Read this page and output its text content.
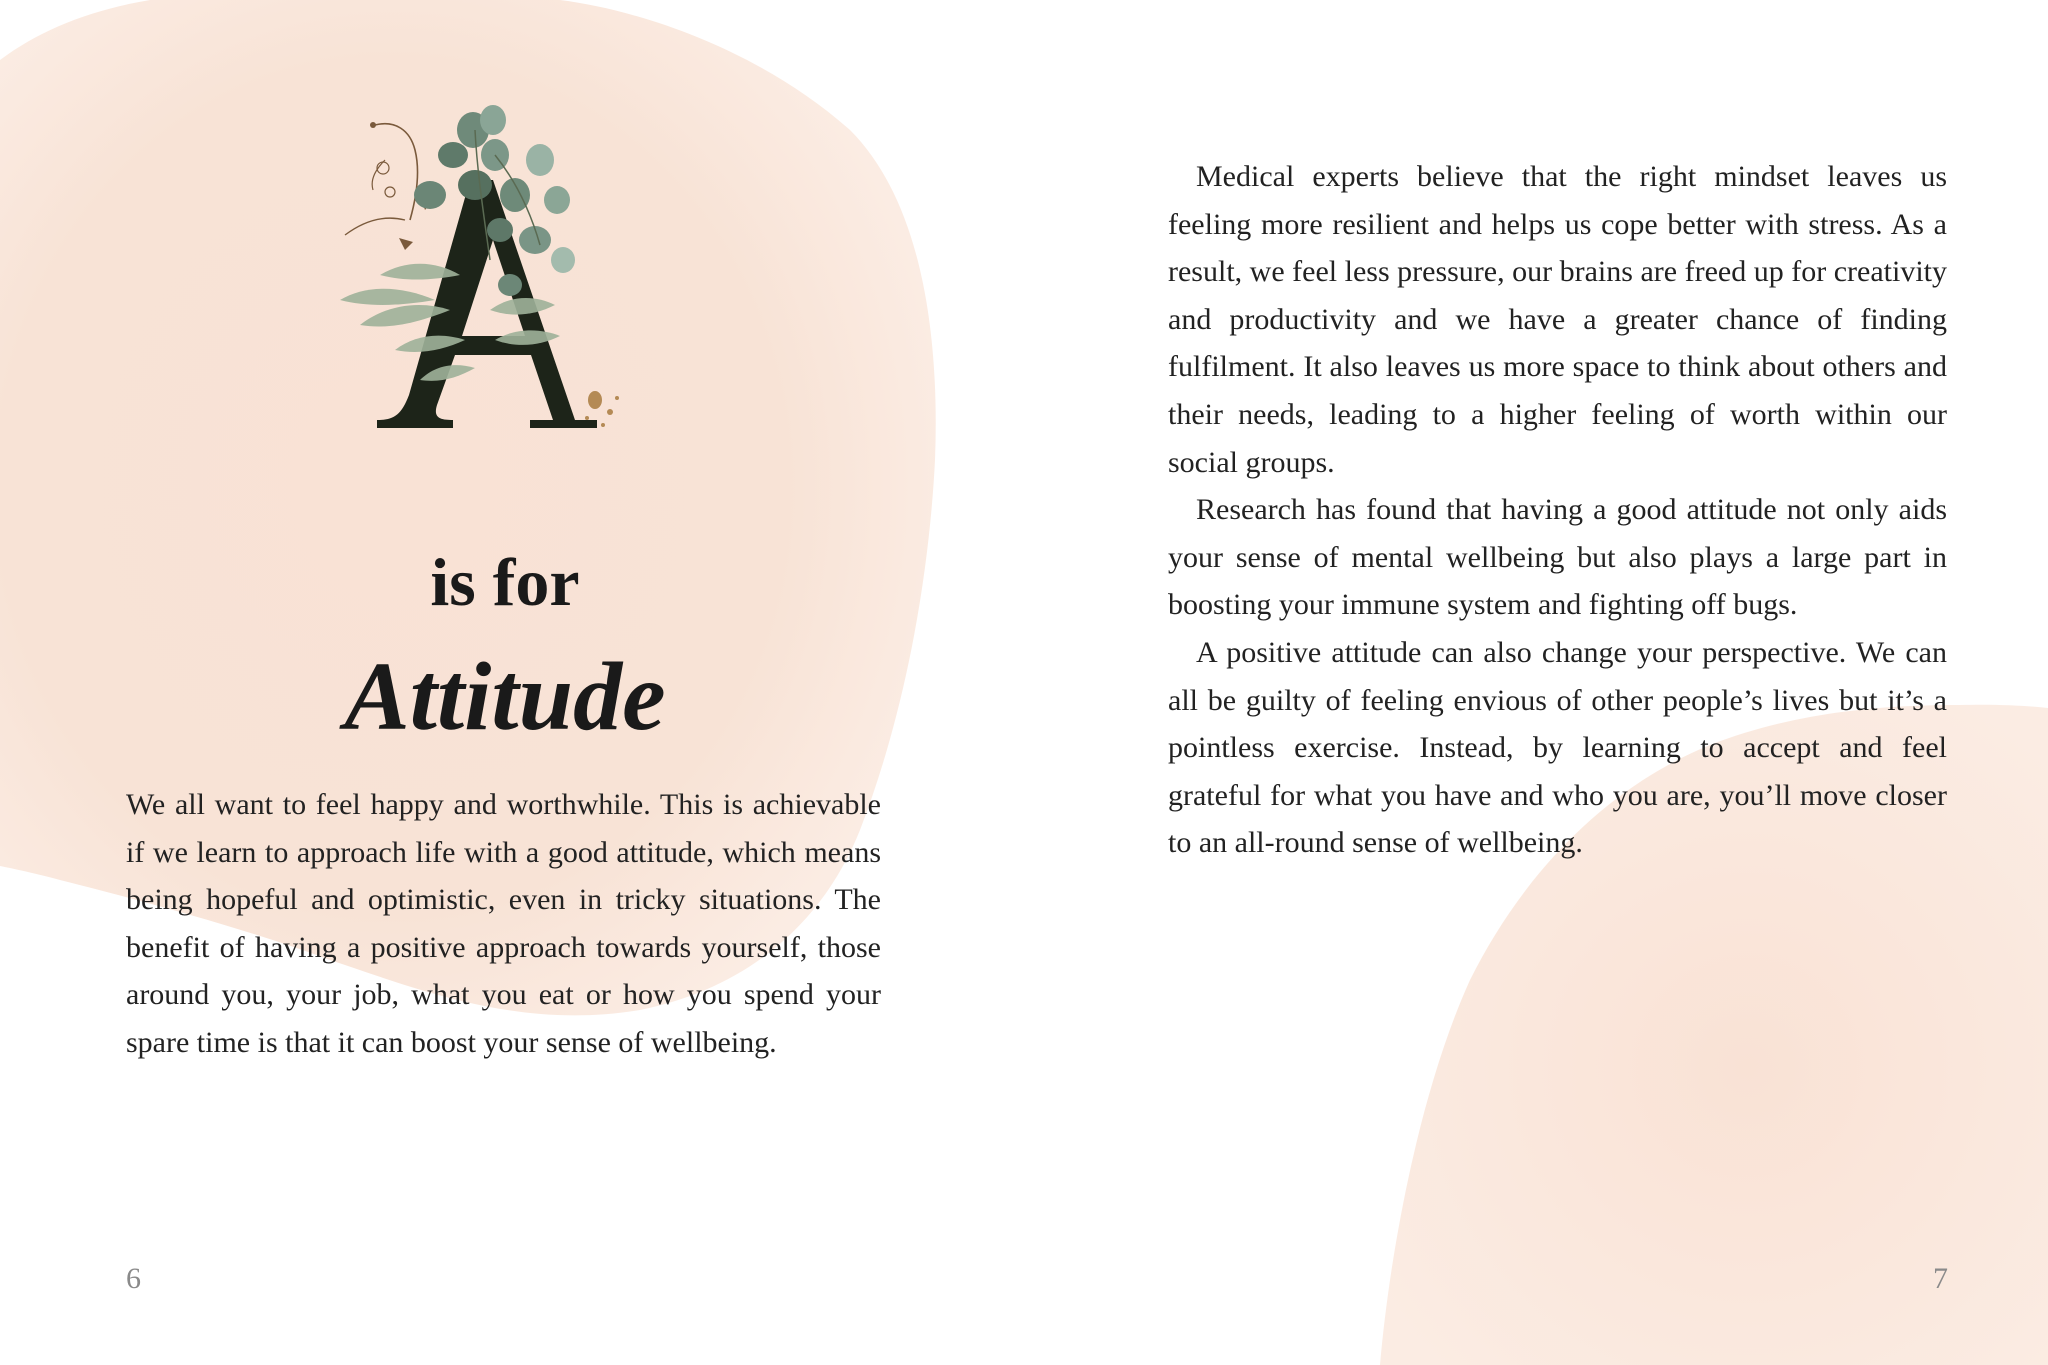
is for
Attitude

We all want to feel happy and worthwhile. This is achievable if we learn to approach life with a good attitude, which means being hopeful and optimistic, even in tricky situations. The benefit of having a positive approach towards yourself, those around you, your job, what you eat or how you spend your spare time is that it can boost your sense of wellbeing.

6

Medical experts believe that the right mindset leaves us feeling more resilient and helps us cope better with stress. As a result, we feel less pressure, our brains are freed up for creativity and productivity and we have a greater chance of finding fulfilment. It also leaves us more space to think about others and their needs, leading to a higher feeling of worth within our social groups.

Research has found that having a good attitude not only aids your sense of mental wellbeing but also plays a large part in boosting your immune system and fighting off bugs.

A positive attitude can also change your perspective. We can all be guilty of feeling envious of other people’s lives but it’s a pointless exercise. Instead, by learning to accept and feel grateful for what you have and who you are, you’ll move closer to an all-round sense of wellbeing.

7
